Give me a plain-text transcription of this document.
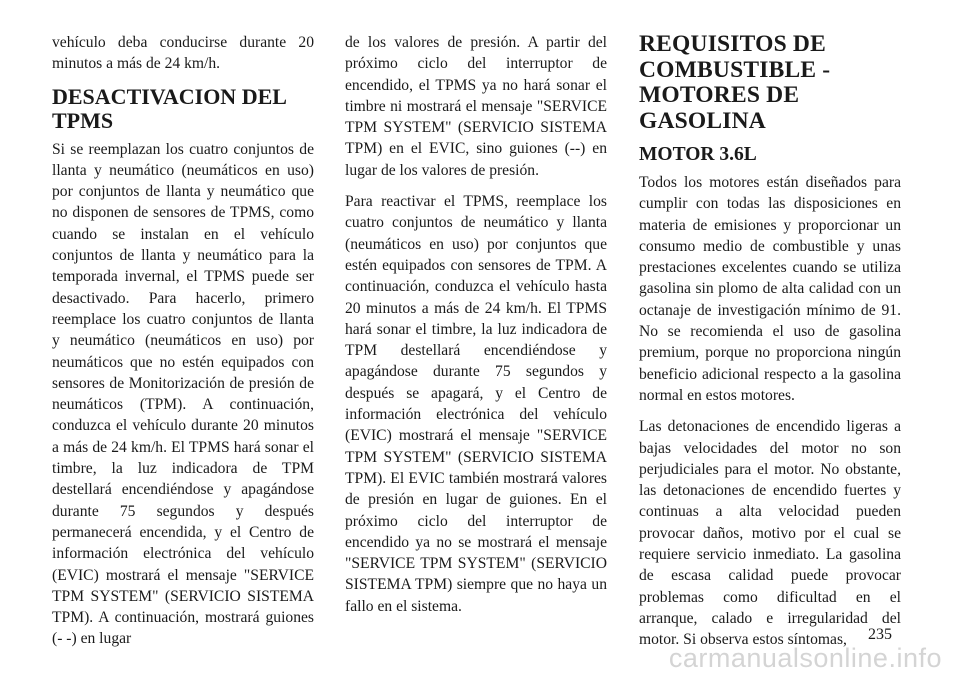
vehículo deba conducirse durante 20 minutos a más de 24 km/h.

DESACTIVACION DEL TPMS

Si se reemplazan los cuatro conjuntos de llanta y neumático (neumáticos en uso) por conjuntos de llanta y neumático que no disponen de sensores de TPMS, como cuando se instalan en el vehículo conjuntos de llanta y neumático para la temporada invernal, el TPMS puede ser desactivado. Para hacerlo, primero reemplace los cuatro conjuntos de llanta y neumático (neumáticos en uso) por neumáticos que no estén equipados con sensores de Monitorización de presión de neumáticos (TPM). A continuación, conduzca el vehículo durante 20 minutos a más de 24 km/h. El TPMS hará sonar el timbre, la luz indicadora de TPM destellará encendiéndose y apagándose durante 75 segundos y después permanecerá encendida, y el Centro de información electrónica del vehículo (EVIC) mostrará el mensaje "SERVICE TPM SYSTEM" (SERVICIO SISTEMA TPM). A continuación, mostrará guiones (- -) en lugar

de los valores de presión. A partir del próximo ciclo del interruptor de encendido, el TPMS ya no hará sonar el timbre ni mostrará el mensaje "SERVICE TPM SYSTEM" (SERVICIO SISTEMA TPM) en el EVIC, sino guiones (--) en lugar de los valores de presión.

Para reactivar el TPMS, reemplace los cuatro conjuntos de neumático y llanta (neumáticos en uso) por conjuntos que estén equipados con sensores de TPM. A continuación, conduzca el vehículo hasta 20 minutos a más de 24 km/h. El TPMS hará sonar el timbre, la luz indicadora de TPM destellará encendiéndose y apagándose durante 75 segundos y después se apagará, y el Centro de información electrónica del vehículo (EVIC) mostrará el mensaje "SERVICE TPM SYSTEM" (SERVICIO SISTEMA TPM). El EVIC también mostrará valores de presión en lugar de guiones. En el próximo ciclo del interruptor de encendido ya no se mostrará el mensaje "SERVICE TPM SYSTEM" (SERVICIO SISTEMA TPM) siempre que no haya un fallo en el sistema.

REQUISITOS DE COMBUSTIBLE - MOTORES DE GASOLINA
MOTOR 3.6L

Todos los motores están diseñados para cumplir con todas las disposiciones en materia de emisiones y proporcionar un consumo medio de combustible y unas prestaciones excelentes cuando se utiliza gasolina sin plomo de alta calidad con un octanaje de investigación mínimo de 91. No se recomienda el uso de gasolina premium, porque no proporciona ningún beneficio adicional respecto a la gasolina normal en estos motores.

Las detonaciones de encendido ligeras a bajas velocidades del motor no son perjudiciales para el motor. No obstante, las detonaciones de encendido fuertes y continuas a alta velocidad pueden provocar daños, motivo por el cual se requiere servicio inmediato. La gasolina de escasa calidad puede provocar problemas como dificultad en el arranque, calado e irregularidad del motor. Si observa estos síntomas,	235
carmanualsonline.info
